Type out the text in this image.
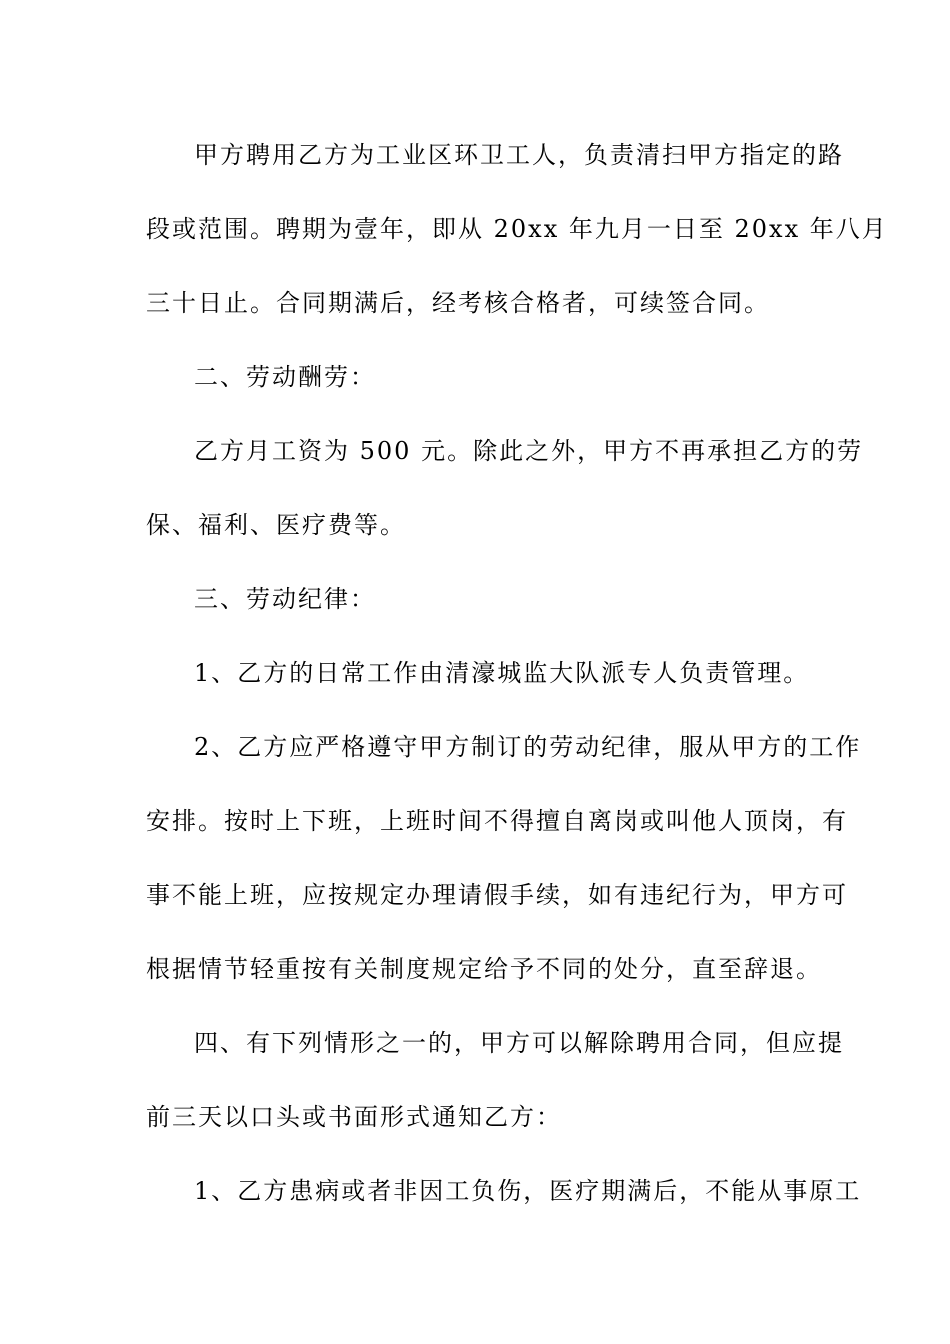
甲方聘用乙方为工业区环卫工人，负责清扫甲方指定的路
段或范围。聘期为壹年，即从 20xx 年九月一日至 20xx 年八月
三十日止。合同期满后，经考核合格者，可续签合同。
二、劳动酬劳：
乙方月工资为 500 元。除此之外，甲方不再承担乙方的劳
保、福利、医疗费等。
三、劳动纪律：
1、乙方的日常工作由清濠城监大队派专人负责管理。
2、乙方应严格遵守甲方制订的劳动纪律，服从甲方的工作
安排。按时上下班，上班时间不得擅自离岗或叫他人顶岗，有
事不能上班，应按规定办理请假手续，如有违纪行为，甲方可
根据情节轻重按有关制度规定给予不同的处分，直至辞退。
四、有下列情形之一的，甲方可以解除聘用合同，但应提
前三天以口头或书面形式通知乙方：
1、乙方患病或者非因工负伤，医疗期满后，不能从事原工
